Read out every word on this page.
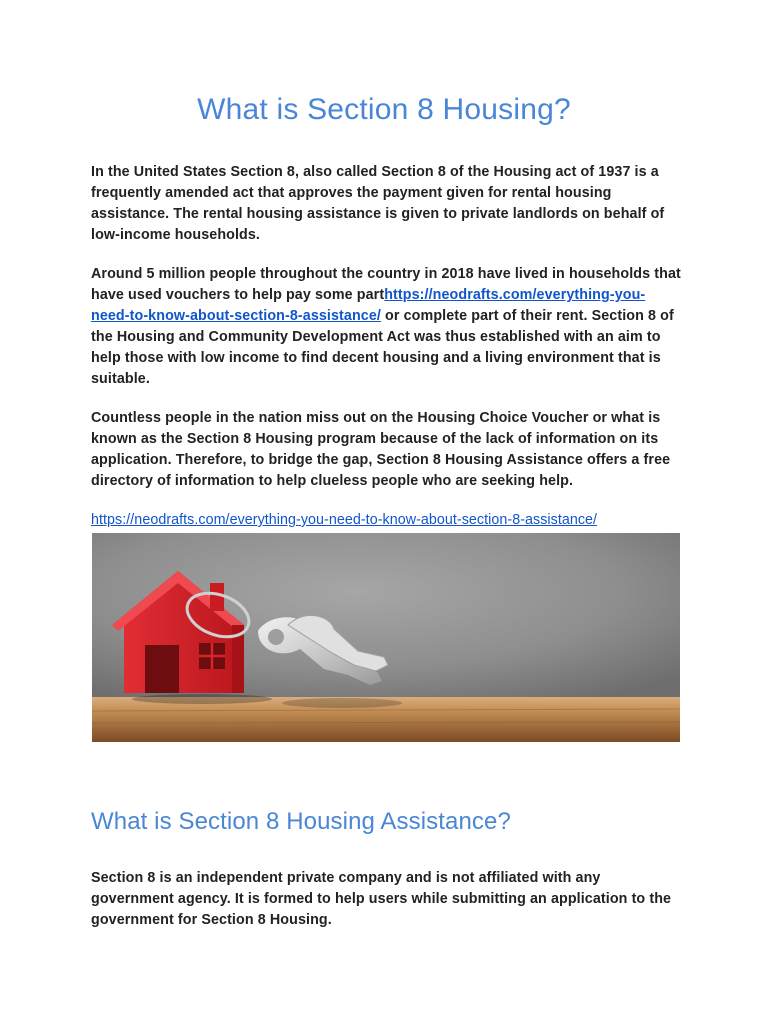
What is Section 8 Housing?

In the United States Section 8, also called Section 8 of the Housing act of 1937 is a frequently amended act that approves the payment given for rental housing assistance. The rental housing assistance is given to private landlords on behalf of low-income households.

Around 5 million people throughout the country in 2018 have lived in households that have used vouchers to help pay some parthttps://neodrafts.com/everything-you-need-to-know-about-section-8-assistance/ or complete part of their rent. Section 8 of the Housing and Community Development Act was thus established with an aim to help those with low income to find decent housing and a living environment that is suitable.

Countless people in the nation miss out on the Housing Choice Voucher or what is known as the Section 8 Housing program because of the lack of information on its application. Therefore, to bridge the gap, Section 8 Housing Assistance offers a free directory of information to help clueless people who are seeking help.

https://neodrafts.com/everything-you-need-to-know-about-section-8-assistance/
What is Section 8 Housing Assistance?

Section 8 is an independent private company and is not affiliated with any government agency. It is formed to help users while submitting an application to the government for Section 8 Housing.
